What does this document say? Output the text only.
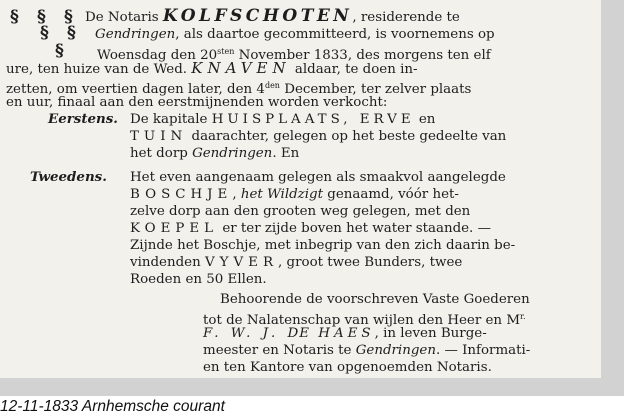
§ § §
§ §
§
De Notaris KOLFSCHOTEN, residerende te
Gendringen, als daartoe gecommitteerd, is voornemens op
Woensdag den $20^{sten}$ November 1833, des morgens ten elf
ure, ten huize van de Wed. KNAVEN aldaar, te doen in-
zetten, om veertien dagen later, den $4^{den}$ December, ter zelver plaats
en uur, finaal aan den eerstmijnenden worden verkocht:
Eerstens. De kapitale HUISPLAATS, ERVE en
TUIN daarachter, gelegen op het beste gedeelte van
het dorp Gendringen. En
Tweedens. Het even aangenaam gelegen als smaakvol aangelegde
BOSCHJE, het Wildzigt genaamd, vóór het-
zelve dorp aan den grooten weg gelegen, met den
KOEPEL er ter zijde boven het water staande. —
Zijnde het Boschje, met inbegrip van den zich daarin be-
vindenden VYVER, groot twee Bunders, twee
Roeden en 50 Ellen.
Behoorende de voorschreven Vaste Goederen
tot de Nalatenschap van wijlen den Heer en $M^{r.}$
F. W. J. DE HAES, in leven Burge-
meester en Notaris te Gendringen. — Informati-
en ten Kantore van opgenoemden Notaris.
12-11-1833 Arnhemsche courant
